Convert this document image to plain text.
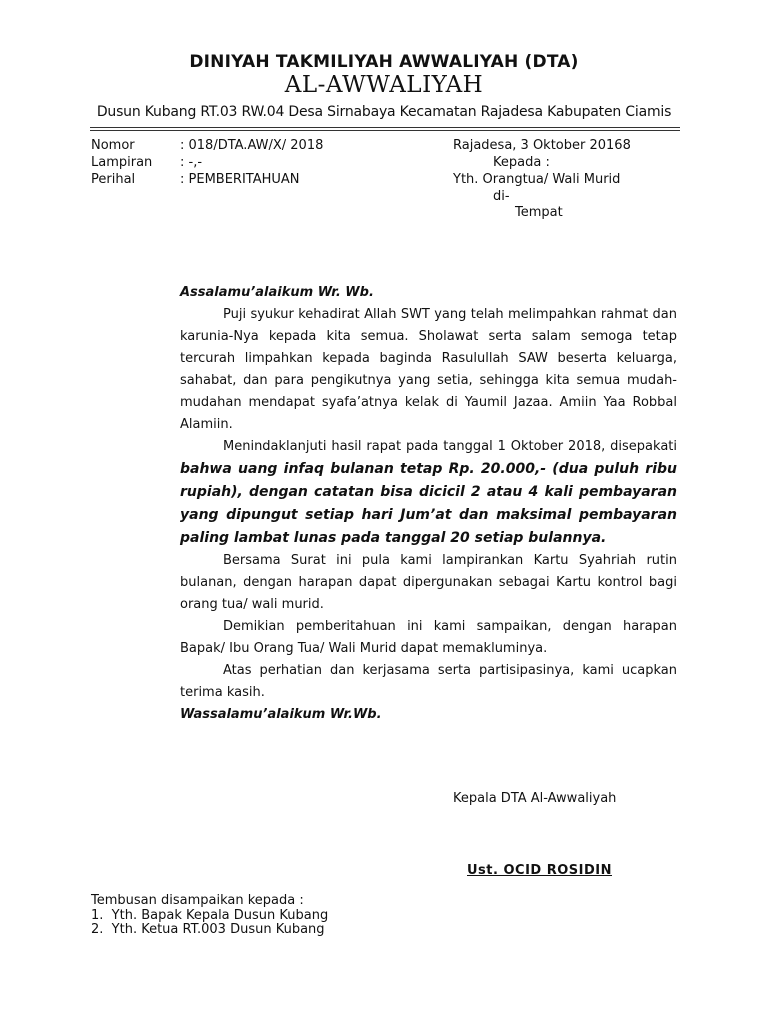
DINIYAH TAKMILIYAH AWWALIYAH (DTA)
AL-AWWALIYAH
Dusun Kubang RT.03 RW.04 Desa Sirnabaya Kecamatan Rajadesa Kabupaten Ciamis
Nomor	: 018/DTA.AW/X/ 2018
Lampiran : -,-
Perihal	: PEMBERITAHUAN
Rajadesa, 3 Oktober 20168
Kepada :
Yth. Orangtua/ Wali Murid
di-
Tempat

Assalamu’alaikum Wr. Wb.

Puji syukur kehadirat Allah SWT yang telah melimpahkan rahmat dan karunia-Nya kepada kita semua. Sholawat serta salam semoga tetap tercurah limpahkan kepada baginda Rasulullah SAW beserta keluarga, sahabat, dan para pengikutnya yang setia, sehingga kita semua mudah-mudahan mendapat syafa’atnya kelak di Yaumil Jazaa. Amiin Yaa Robbal Alamiin.

Menindaklanjuti hasil rapat pada tanggal 1 Oktober 2018, disepakati bahwa uang infaq bulanan tetap Rp. 20.000,- (dua puluh ribu rupiah), dengan catatan bisa dicicil 2 atau 4 kali pembayaran yang dipungut setiap hari Jum’at dan maksimal pembayaran paling lambat lunas pada tanggal 20 setiap bulannya.

Bersama Surat ini pula kami lampirankan Kartu Syahriah rutin bulanan, dengan harapan dapat dipergunakan sebagai Kartu kontrol bagi orang tua/ wali murid.

Demikian pemberitahuan ini kami sampaikan, dengan harapan Bapak/ Ibu Orang Tua/ Wali Murid dapat memakluminya.

Atas perhatian dan kerjasama serta partisipasinya, kami ucapkan terima kasih.

Wassalamu’alaikum Wr.Wb.

Kepala DTA Al-Awwaliyah
Ust. OCID ROSIDIN
Tembusan disampaikan kepada :
1.  Yth. Bapak Kepala Dusun Kubang
2.  Yth. Ketua RT.003 Dusun Kubang
